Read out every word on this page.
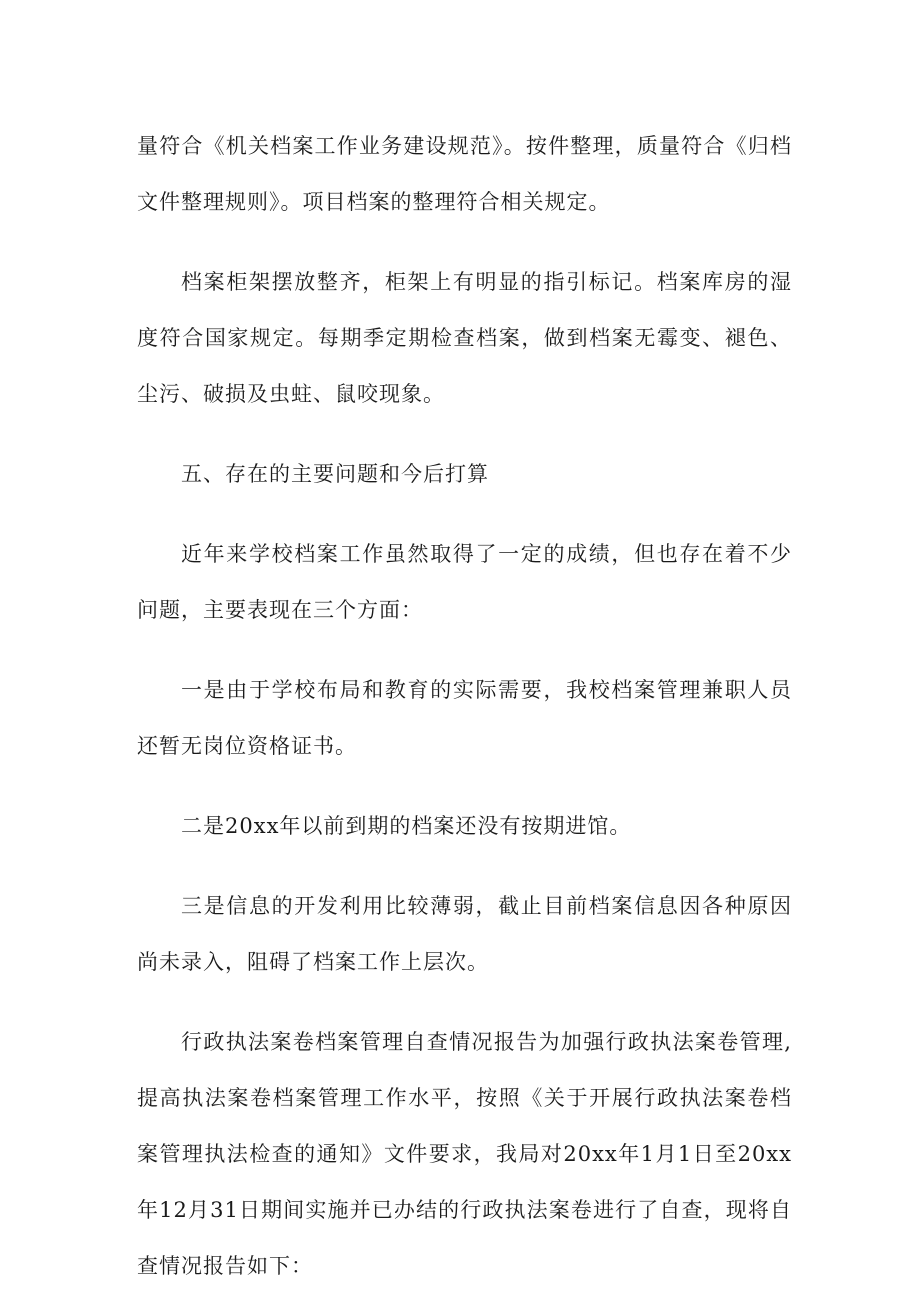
量符合《机关档案工作业务建设规范》。按件整理，质量符合《归档文件整理规则》。项目档案的整理符合相关规定。

档案柜架摆放整齐，柜架上有明显的指引标记。档案库房的湿度符合国家规定。每期季定期检查档案，做到档案无霉变、褪色、尘污、破损及虫蛀、鼠咬现象。

五、存在的主要问题和今后打算

近年来学校档案工作虽然取得了一定的成绩，但也存在着不少问题，主要表现在三个方面：

一是由于学校布局和教育的实际需要，我校档案管理兼职人员还暂无岗位资格证书。

二是20xx年以前到期的档案还没有按期进馆。

三是信息的开发利用比较薄弱，截止目前档案信息因各种原因尚未录入，阻碍了档案工作上层次。

行政执法案卷档案管理自查情况报告为加强行政执法案卷管理,提高执法案卷档案管理工作水平，按照《关于开展行政执法案卷档案管理执法检查的通知》文件要求，我局对20xx年1月1日至20xx年12月31日期间实施并已办结的行政执法案卷进行了自查，现将自查情况报告如下：
